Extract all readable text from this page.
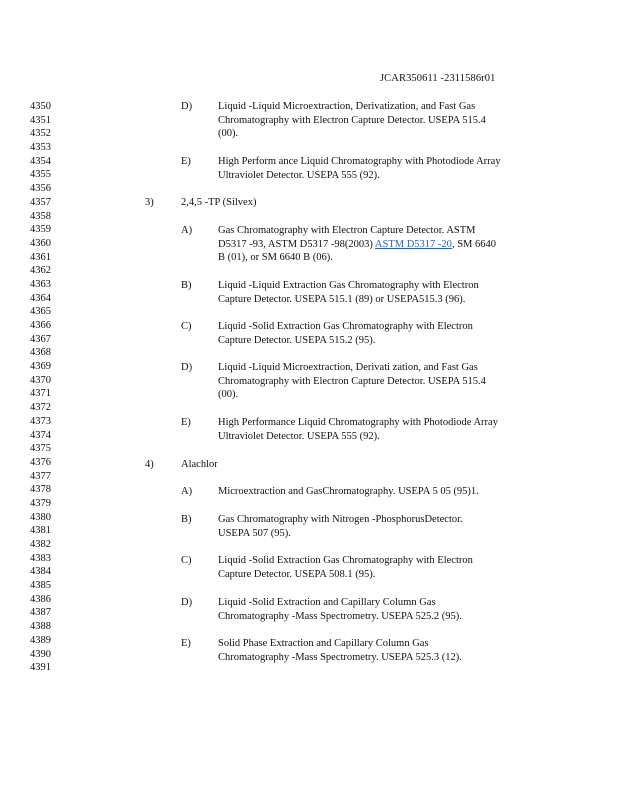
JCAR350611 -2311586r01
4350
4351
4352
4353
4354
4355
4356
4357
4358
4359
4360
4361
4362
4363
4364
4365
4366
4367
4368
4369
4370
4371
4372
4373
4374
4375
4376
4377
4378
4379
4380
4381
4382
4383
4384
4385
4386
4387
4388
4389
4390
4391
D) Liquid -Liquid Microextraction, Derivatization, and Fast Gas
Chromatography with Electron Capture Detector. USEPA 515.4
(00).
E)	High Perform ance Liquid Chromatography with Photodiode Array
Ultraviolet Detector. USEPA 555 (92).
3)	2,4,5 -TP (Silvex)
A) Gas Chromatography with Electron Capture Detector. ASTM
D5317 -93, ASTM D5317 -98(2003) ASTM D5317 -20, SM 6640
B (01), or SM 6640 B (06).
B)	Liquid -Liquid Extraction Gas Chromatography with Electron
Capture Detector. USEPA 515.1 (89) or USEPA515.3 (96).
C)	Liquid -Solid Extraction Gas Chromatography with Electron
Capture Detector. USEPA 515.2 (95).
D) Liquid -Liquid Microextraction, Derivati zation, and Fast Gas
Chromatography with Electron Capture Detector. USEPA 515.4
(00).
E)	High Performance Liquid Chromatography with Photodiode Array
Ultraviolet Detector. USEPA 555 (92).
4)	Alachlor
A) Microextraction and GasChromatography. USEPA 5 05 (95)1.
B)	Gas Chromatography with Nitrogen -PhosphorusDetector.
USEPA 507 (95).
C)	Liquid -Solid Extraction Gas Chromatography with Electron
Capture Detector. USEPA 508.1 (95).
D) Liquid -Solid Extraction and Capillary Column Gas
Chromatography -Mass Spectrometry. USEPA 525.2 (95).
E)	Solid Phase Extraction and Capillary Column Gas
Chromatography -Mass Spectrometry. USEPA 525.3 (12).
